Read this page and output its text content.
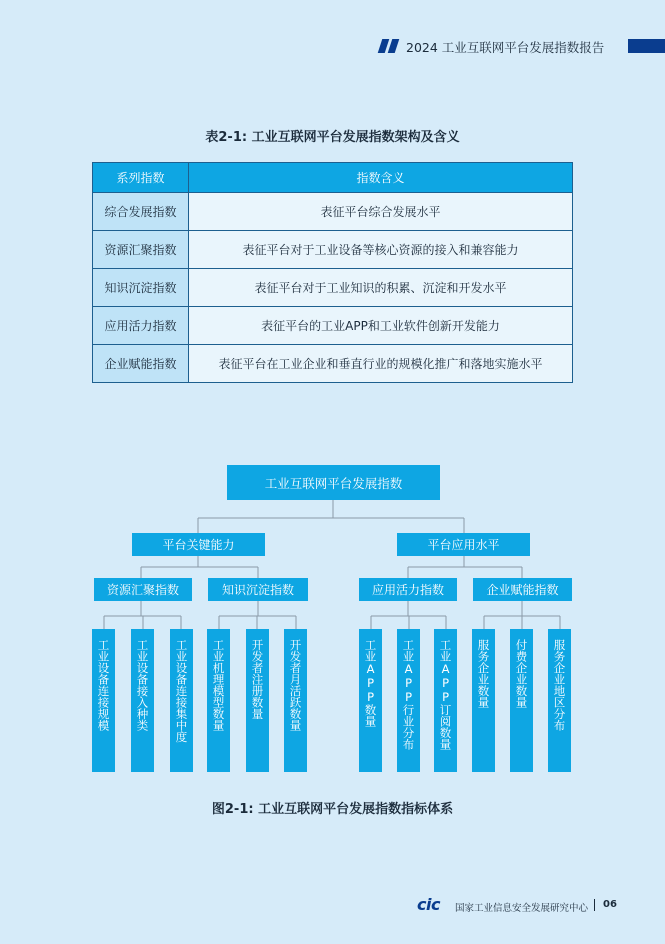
2024 工业互联网平台发展指数报告
表2-1: 工业互联网平台发展指数架构及含义
系列指数	指数含义
综合发展指数	表征平台综合发展水平
资源汇聚指数	表征平台对于工业设备等核心资源的接入和兼容能力
知识沉淀指数	表征平台对于工业知识的积累、沉淀和开发水平
应用活力指数	表征平台的工业APP和工业软件创新开发能力
企业赋能指数	表征平台在工业企业和垂直行业的规模化推广和落地实施水平
工业互联网平台发展指数
平台关键能力	平台应用水平
资源汇聚指数	知识沉淀指数	应用活力指数	企业赋能指数
工业设备连接规模 工业设备接入种类 工业设备连接集中度 工业机理模型数量 开发者注册数量 开发者月活跃数量	工业APP数量 工业APP行业分布 工业APP订阅数量 服务企业数量 付费企业数量 服务企业地区分布
图2-1: 工业互联网平台发展指数指标体系
cic 国家工业信息安全发展研究中心 06
